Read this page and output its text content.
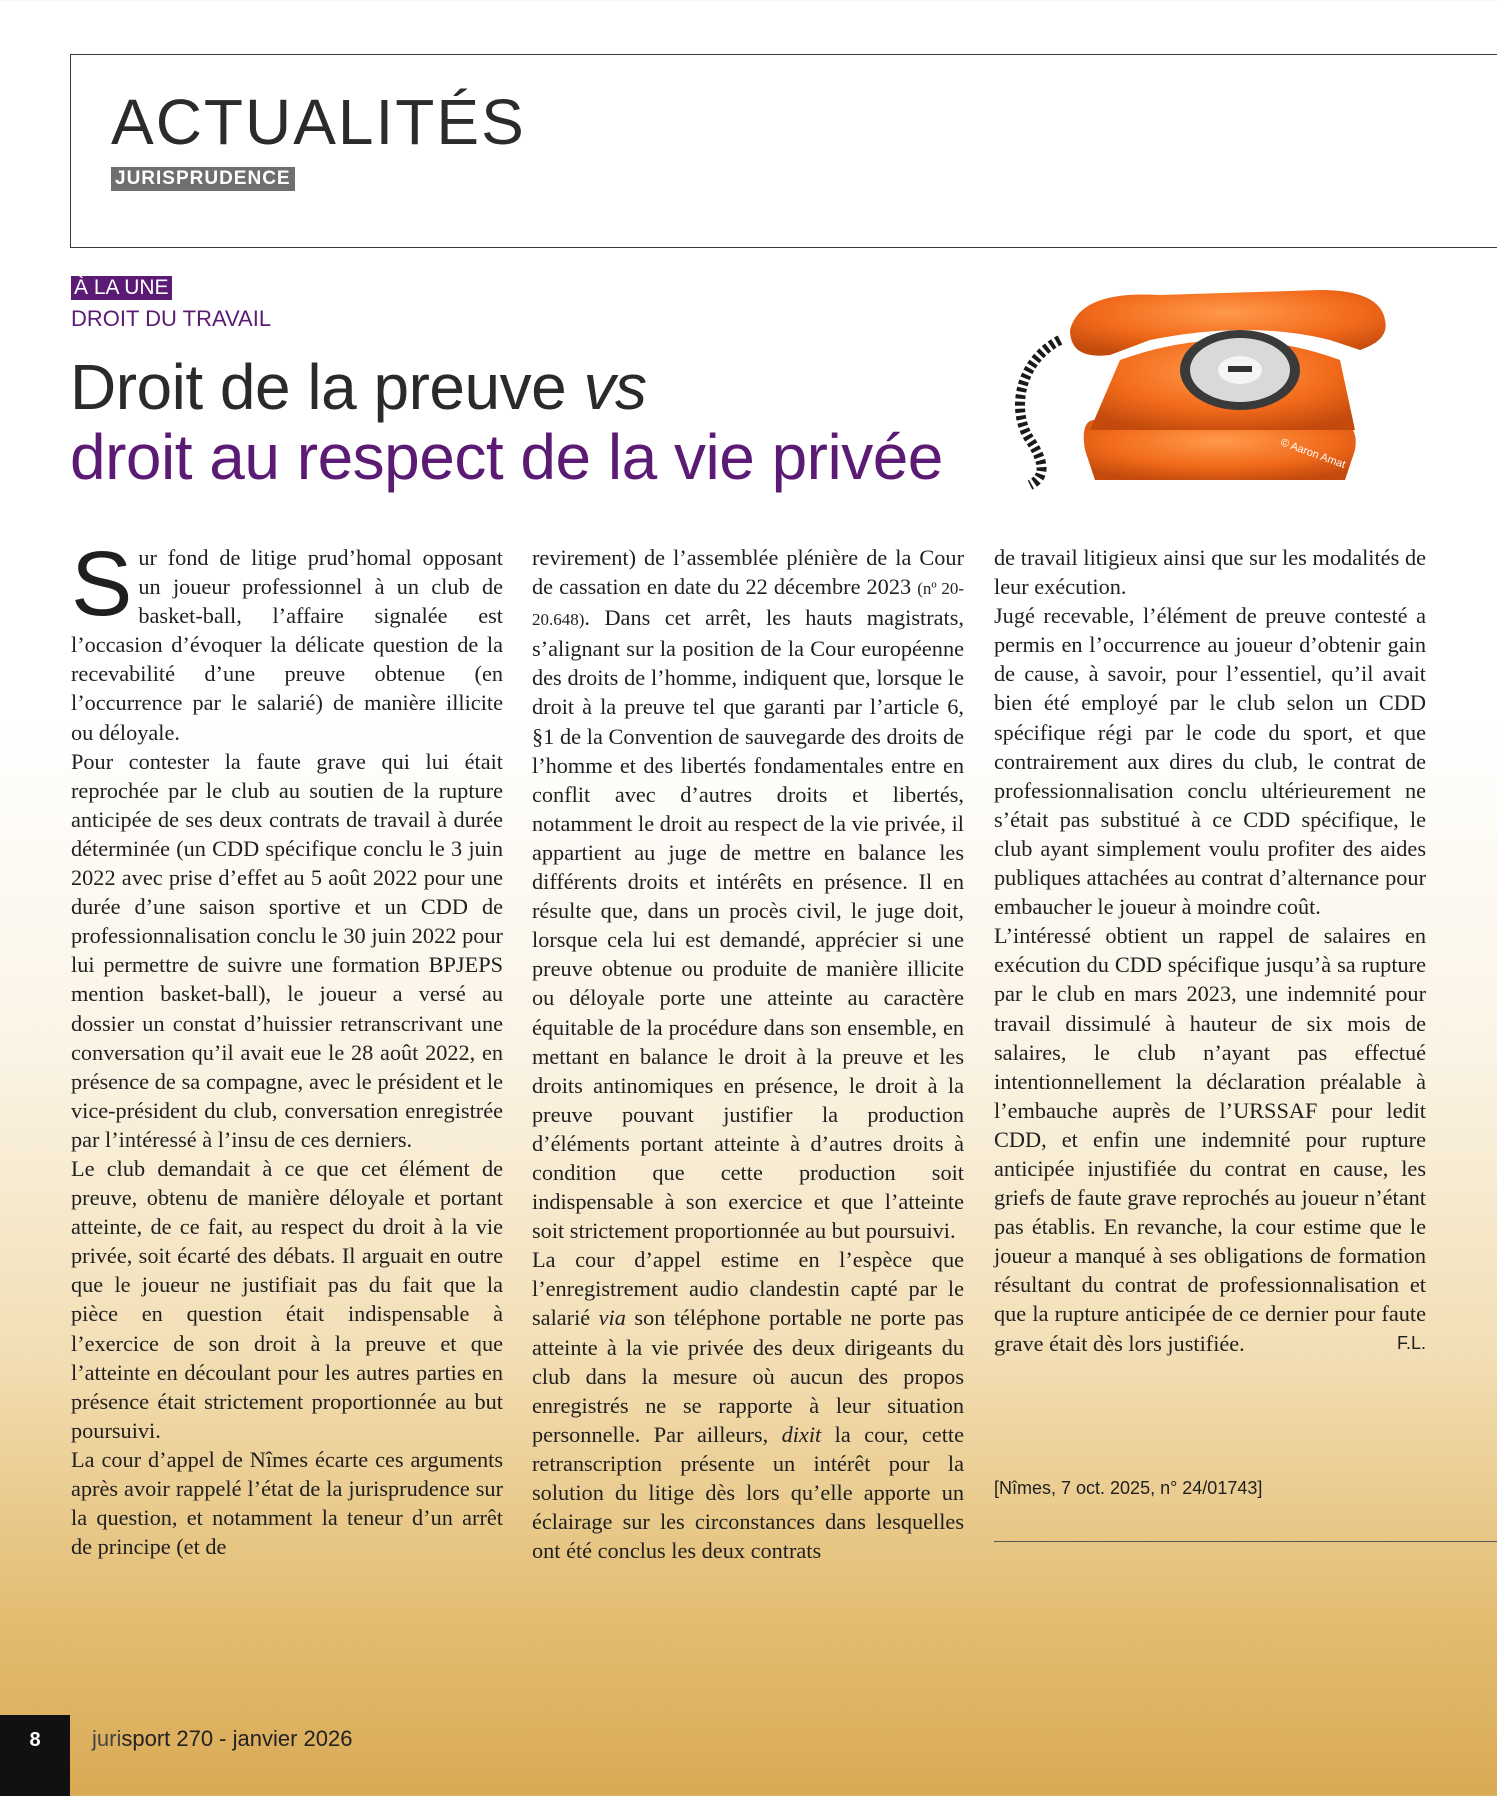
ACTUALITÉS
JURISPRUDENCE
À LA UNE
DROIT DU TRAVAIL
Droit de la preuve vs
droit au respect de la vie privée	© Aaron Amat

Sur fond de litige prud’homal opposant un joueur professionnel à un club de basket-ball, l’affaire signalée est l’occasion d’évoquer la délicate question de la recevabilité d’une preuve obtenue (en l’occurrence par le salarié) de manière illicite ou déloyale.

Pour contester la faute grave qui lui était reprochée par le club au soutien de la rupture anticipée de ses deux contrats de travail à durée déterminée (un CDD spécifique conclu le 3 juin 2022 avec prise d’effet au 5 août 2022 pour une durée d’une saison sportive et un CDD de professionnalisation conclu le 30 juin 2022 pour lui permettre de suivre une formation BPJEPS mention basket-ball), le joueur a versé au dossier un constat d’huissier retranscrivant une conversation qu’il avait eue le 28 août 2022, en présence de sa compagne, avec le président et le vice-président du club, conversation enregistrée par l’intéressé à l’insu de ces derniers.

Le club demandait à ce que cet élément de preuve, obtenu de manière déloyale et portant atteinte, de ce fait, au respect du droit à la vie privée, soit écarté des débats. Il arguait en outre que le joueur ne justifiait pas du fait que la pièce en question était indispensable à l’exercice de son droit à la preuve et que l’atteinte en découlant pour les autres parties en présence était strictement proportionnée au but poursuivi.

La cour d’appel de Nîmes écarte ces arguments après avoir rappelé l’état de la jurisprudence sur la question, et notamment la teneur d’un arrêt de principe (et de

revirement) de l’assemblée plénière de la Cour de cassation en date du 22 décembre 2023 (nº 20-20.648). Dans cet arrêt, les hauts magistrats, s’alignant sur la position de la Cour européenne des droits de l’homme, indiquent que, lorsque le droit à la preuve tel que garanti par l’article 6, §1 de la Convention de sauvegarde des droits de l’homme et des libertés fondamentales entre en conflit avec d’autres droits et libertés, notamment le droit au respect de la vie privée, il appartient au juge de mettre en balance les différents droits et intérêts en présence. Il en résulte que, dans un procès civil, le juge doit, lorsque cela lui est demandé, apprécier si une preuve obtenue ou produite de manière illicite ou déloyale porte une atteinte au caractère équitable de la procédure dans son ensemble, en mettant en balance le droit à la preuve et les droits antinomiques en présence, le droit à la preuve pouvant justifier la production d’éléments portant atteinte à d’autres droits à condition que cette production soit indispensable à son exercice et que l’atteinte soit strictement proportionnée au but poursuivi.

La cour d’appel estime en l’espèce que l’enregistrement audio clandestin capté par le salarié via son téléphone portable ne porte pas atteinte à la vie privée des deux dirigeants du club dans la mesure où aucun des propos enregistrés ne se rapporte à leur situation personnelle. Par ailleurs, dixit la cour, cette retranscription présente un intérêt pour la solution du litige dès lors qu’elle apporte un éclairage sur les circonstances dans lesquelles ont été conclus les deux contrats

de travail litigieux ainsi que sur les modalités de leur exécution.

Jugé recevable, l’élément de preuve contesté a permis en l’occurrence au joueur d’obtenir gain de cause, à savoir, pour l’essentiel, qu’il avait bien été employé par le club selon un CDD spécifique régi par le code du sport, et que contrairement aux dires du club, le contrat de professionnalisation conclu ultérieurement ne s’était pas substitué à ce CDD spécifique, le club ayant simplement voulu profiter des aides publiques attachées au contrat d’alternance pour embaucher le joueur à moindre coût.

L’intéressé obtient un rappel de salaires en exécution du CDD spécifique jusqu’à sa rupture par le club en mars 2023, une indemnité pour travail dissimulé à hauteur de six mois de salaires, le club n’ayant pas effectué intentionnellement la déclaration préalable à l’embauche auprès de l’URSSAF pour ledit CDD, et enfin une indemnité pour rupture anticipée injustifiée du contrat en cause, les griefs de faute grave reprochés au joueur n’étant pas établis. En revanche, la cour estime que le joueur a manqué à ses obligations de formation résultant du contrat de professionnalisation et que la rupture anticipée de ce dernier pour faute grave était dès lors justifiée.	F.L.

[Nîmes, 7 oct. 2025, n° 24/01743]
8	jurisport 270 - janvier 2026
